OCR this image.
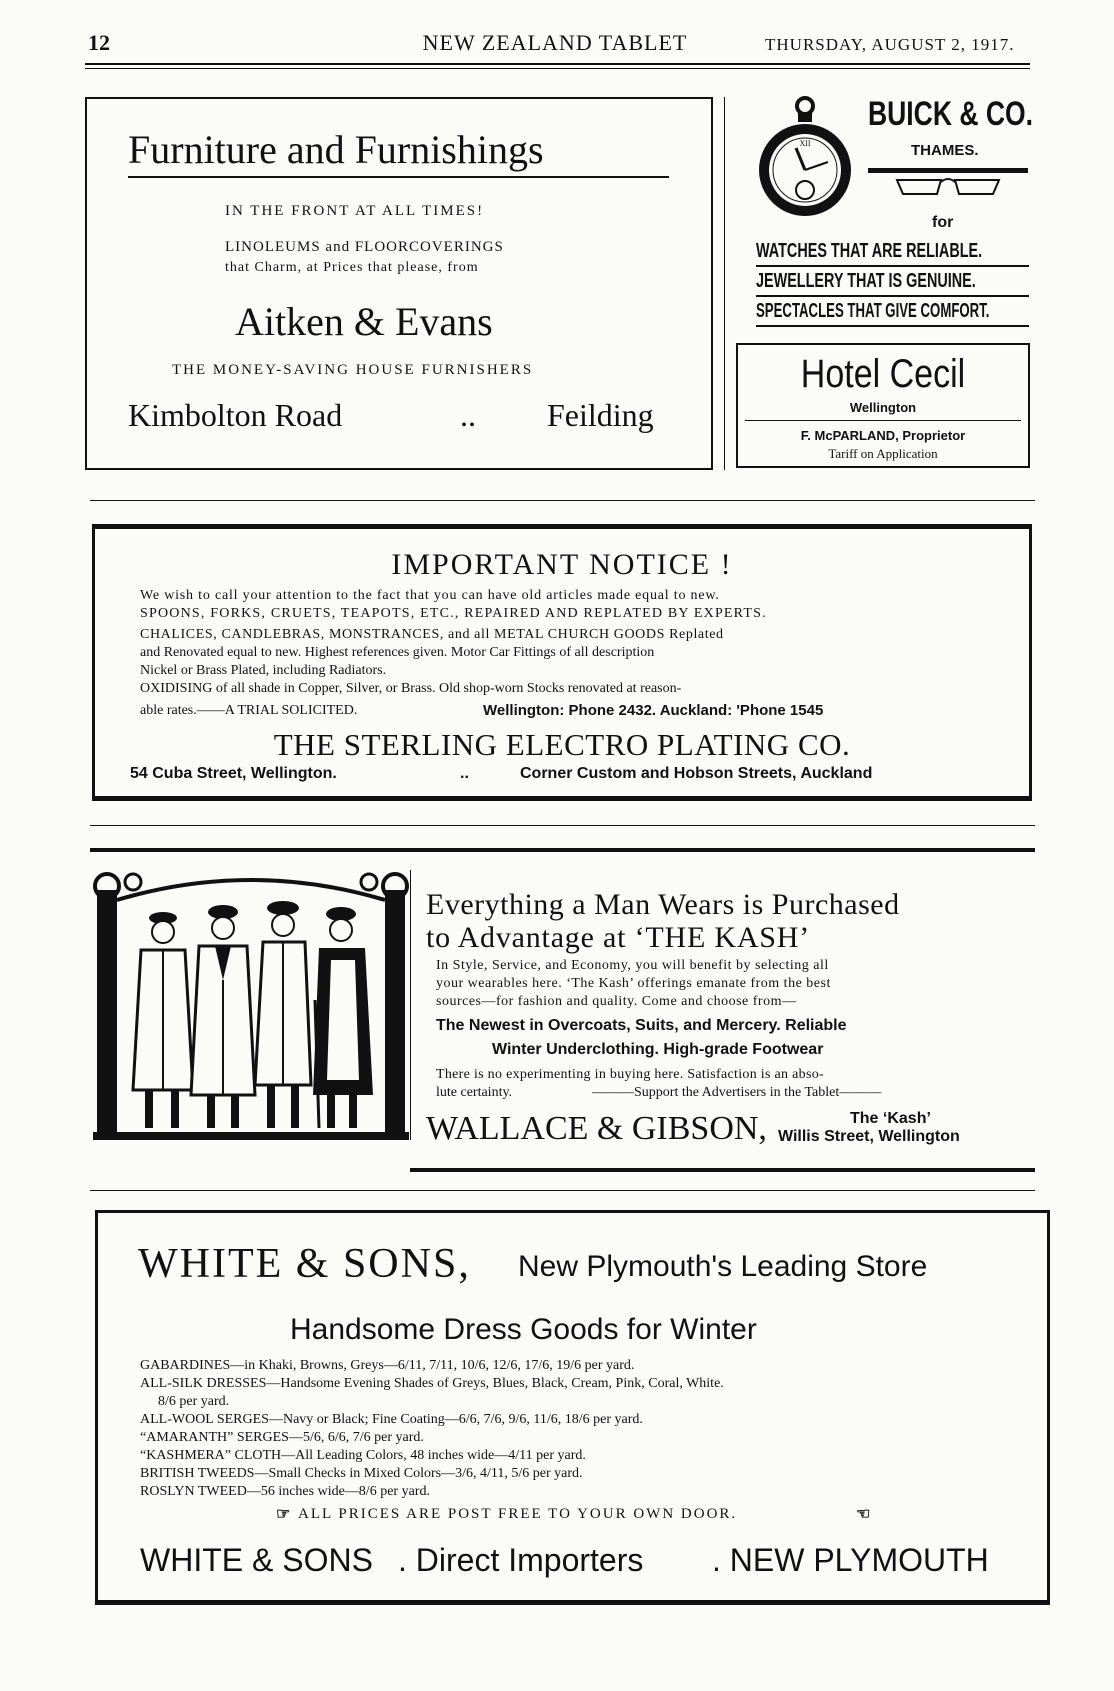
12	NEW ZEALAND TABLET	THURSDAY, AUGUST 2, 1917.
Furniture and Furnishings
IN THE FRONT AT ALL TIMES!
LINOLEUMS and FLOORCOVERINGS
that Charm, at Prices that please, from
Aitken & Evans
THE MONEY-SAVING HOUSE FURNISHERS
Kimbolton Road	.. Feilding
XII
BUICK & CO.
THAMES.
for
WATCHES THAT ARE RELIABLE.
JEWELLERY THAT IS GENUINE.
SPECTACLES THAT GIVE COMFORT.
Hotel Cecil
Wellington
F. McPARLAND, Proprietor
Tariff on Application
IMPORTANT NOTICE !
We wish to call your attention to the fact that you can have old articles made equal to new.
SPOONS, FORKS, CRUETS, TEAPOTS, ETC., REPAIRED AND REPLATED BY EXPERTS.
CHALICES, CANDLEBRAS, MONSTRANCES, and all METAL CHURCH GOODS Replated
and Renovated equal to new. Highest references given. Motor Car Fittings of all description
Nickel or Brass Plated, including Radiators.
OXIDISING of all shade in Copper, Silver, or Brass. Old shop-worn Stocks renovated at reason-
able rates.——A TRIAL SOLICITED.	Wellington: Phone 2432. Auckland: 'Phone 1545
THE STERLING ELECTRO PLATING CO.
54 Cuba Street, Wellington.	..	Corner Custom and Hobson Streets, Auckland
Everything a Man Wears is Purchased
to Advantage at ‘THE KASH’
In Style, Service, and Economy, you will benefit by selecting all
your wearables here. ‘The Kash’ offerings emanate from the best
sources—for fashion and quality. Come and choose from—
The Newest in Overcoats, Suits, and Mercery. Reliable
Winter Underclothing. High-grade Footwear
There is no experimenting in buying here. Satisfaction is an abso-
lute certainty.	———Support the Advertisers in the Tablet———
WALLACE & GIBSON,	The ‘Kash’
Willis Street, Wellington
WHITE & SONS, New Plymouth's Leading Store
Handsome Dress Goods for Winter
GABARDINES—in Khaki, Browns, Greys—6/11, 7/11, 10/6, 12/6, 17/6, 19/6 per yard.
ALL-SILK DRESSES—Handsome Evening Shades of Greys, Blues, Black, Cream, Pink, Coral, White.
8/6 per yard.
ALL-WOOL SERGES—Navy or Black; Fine Coating—6/6, 7/6, 9/6, 11/6, 18/6 per yard.
“AMARANTH” SERGES—5/6, 6/6, 7/6 per yard.
“KASHMERA” CLOTH—All Leading Colors, 48 inches wide—4/11 per yard.
BRITISH TWEEDS—Small Checks in Mixed Colors—3/6, 4/11, 5/6 per yard.
ROSLYN TWEED—56 inches wide—8/6 per yard.
☞ ALL PRICES ARE POST FREE TO YOUR OWN DOOR.	☜
WHITE & SONS . Direct Importers . NEW PLYMOUTH
